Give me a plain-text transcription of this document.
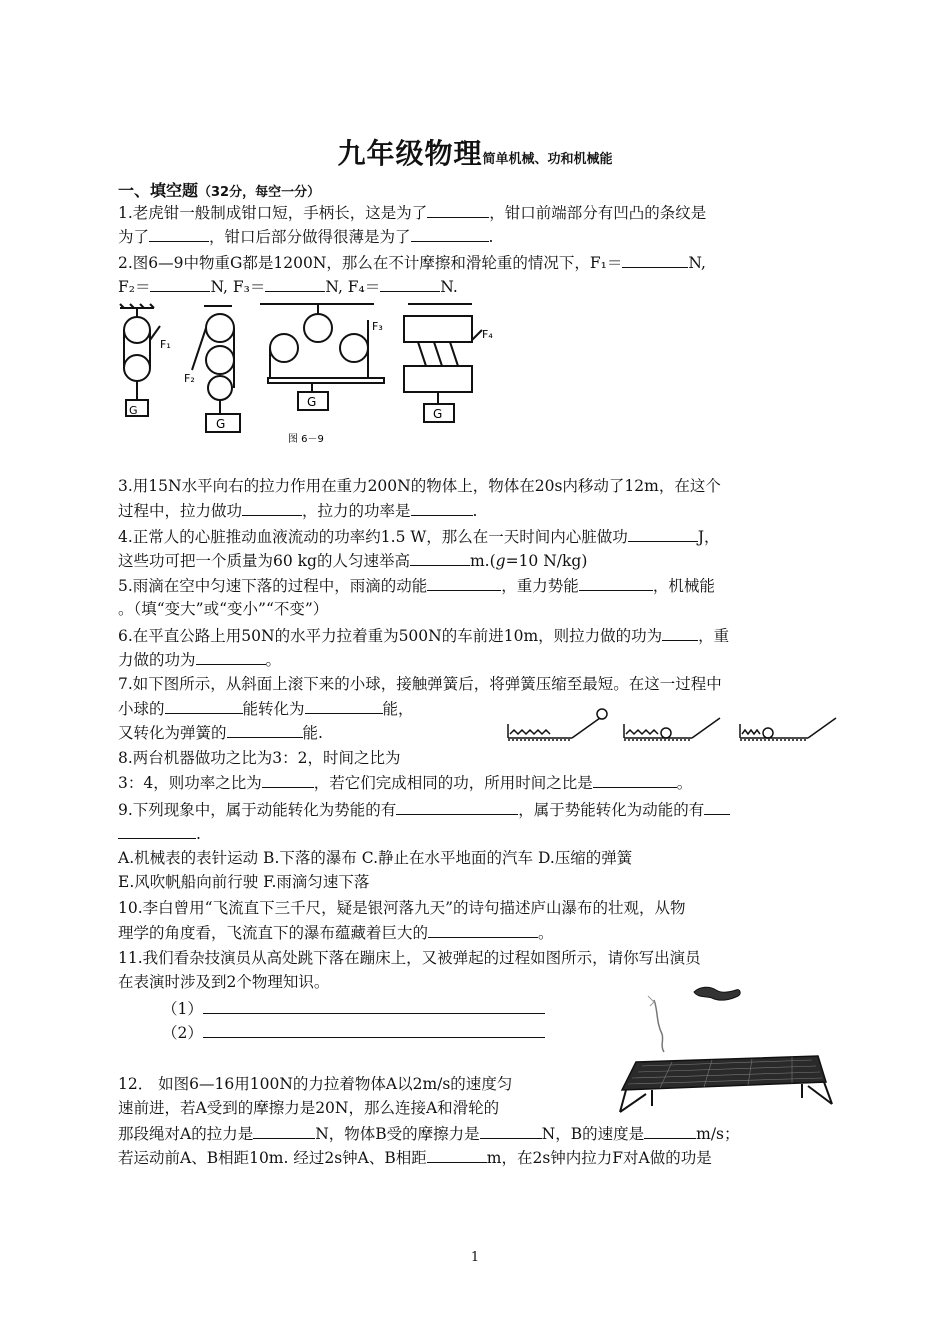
九年级物理简单机械、功和机械能
一、填空题（32分，每空一分）
1.老虎钳一般制成钳口短，手柄长，这是为了	，钳口前端部分有凹凸的条纹是
为了	，钳口后部分做得很薄是为了	.
2.图6—9中物重G都是1200N，那么在不计摩擦和滑轮重的情况下，F₁＝	N,
F₂＝	N, F₃＝	N, F₄＝	N.
G
G
G
G
F₁
F₂
F₃
F₄
图 6－9
3.用15N水平向右的拉力作用在重力200N的物体上，物体在20s内移动了12m，在这个
过程中，拉力做功	，拉力的功率是	.
4.正常人的心脏推动血液流动的功率约1.5 W，那么在一天时间内心脏做功	J，
这些功可把一个质量为60 kg的人匀速举高	m.(g=10 N/kg)
5.雨滴在空中匀速下落的过程中，雨滴的动能	，重力势能	，机械能
。（填“变大”或“变小”“不变”）
6.在平直公路上用50N的水平力拉着重为500N的车前进10m，则拉力做的功为 ，重
力做的功为	。
7.如下图所示，从斜面上滚下来的小球，接触弹簧后，将弹簧压缩至最短。在这一过程中
小球的	能转化为	能，
又转化为弹簧的	能.
8.两台机器做功之比为3：2，时间之比为
3：4，则功率之比为	，若它们完成相同的功，所用时间之比是	。
9.下列现象中，属于动能转化为势能的有	，属于势能转化为动能的有
.
A.机械表的表针运动 B.下落的瀑布 C.静止在水平地面的汽车 D.压缩的弹簧
E.风吹帆船向前行驶 F.雨滴匀速下落
10.李白曾用“飞流直下三千尺，疑是银河落九天”的诗句描述庐山瀑布的壮观，从物
理学的角度看，飞流直下的瀑布蕴藏着巨大的	。
11.我们看杂技演员从高处跳下落在蹦床上，又被弹起的过程如图所示，请你写出演员
在表演时涉及到2个物理知识。
（1）
（2）
12． 如图6—16用100N的力拉着物体A以2m/s的速度匀
速前进，若A受到的摩擦力是20N，那么连接A和滑轮的
那段绳对A的拉力是	N，物体B受的摩擦力是	N，B的速度是	m/s；
若运动前A、B相距10m. 经过2s钟A、B相距	m，在2s钟内拉力F对A做的功是
1
